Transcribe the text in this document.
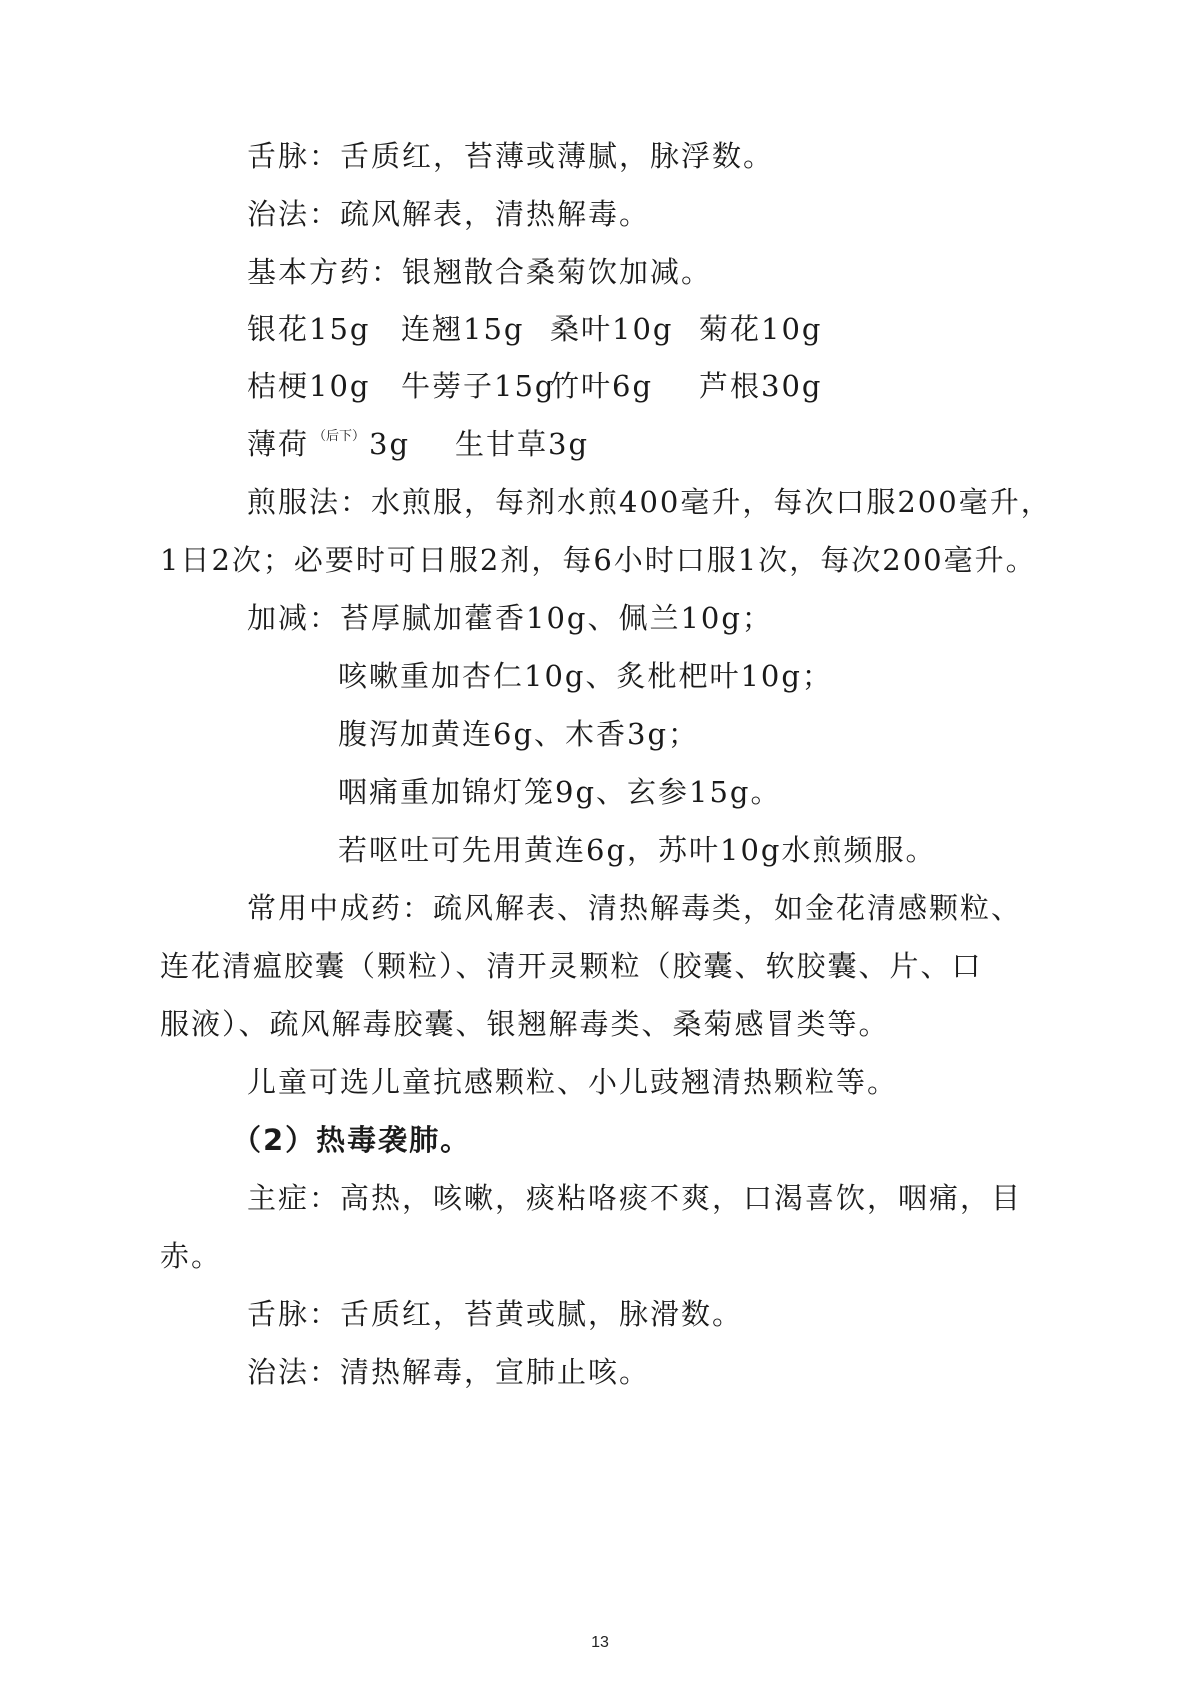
舌脉：舌质红，苔薄或薄腻，脉浮数。
治法：疏风解表，清热解毒。
基本方药：银翘散合桑菊饮加减。
银花15g 连翘15g 桑叶10g 菊花10g
桔梗10g 牛蒡子15g
竹叶6g 芦根30g
薄荷 $^{(后下)}$ 3g 生甘草3g
煎服法：水煎服，每剂水煎400毫升，每次口服200毫升，
1日2次；必要时可日服2剂，每6小时口服1次，每次200毫升。
加减：苔厚腻加藿香10g、佩兰10g；
咳嗽重加杏仁10g、炙枇杷叶10g；
腹泻加黄连6g、木香3g；
咽痛重加锦灯笼9g、玄参15g。
若呕吐可先用黄连6g，苏叶10g水煎频服。
常用中成药：疏风解表、清热解毒类，如金花清感颗粒、
连花清瘟胶囊（颗粒）、清开灵颗粒（胶囊、软胶囊、片、口
服液）、疏风解毒胶囊、银翘解毒类、桑菊感冒类等。
儿童可选儿童抗感颗粒、小儿豉翘清热颗粒等。
（2）热毒袭肺。
主症：高热，咳嗽，痰粘咯痰不爽，口渴喜饮，咽痛，目
赤。
舌脉：舌质红，苔黄或腻，脉滑数。
治法：清热解毒，宣肺止咳。
13
